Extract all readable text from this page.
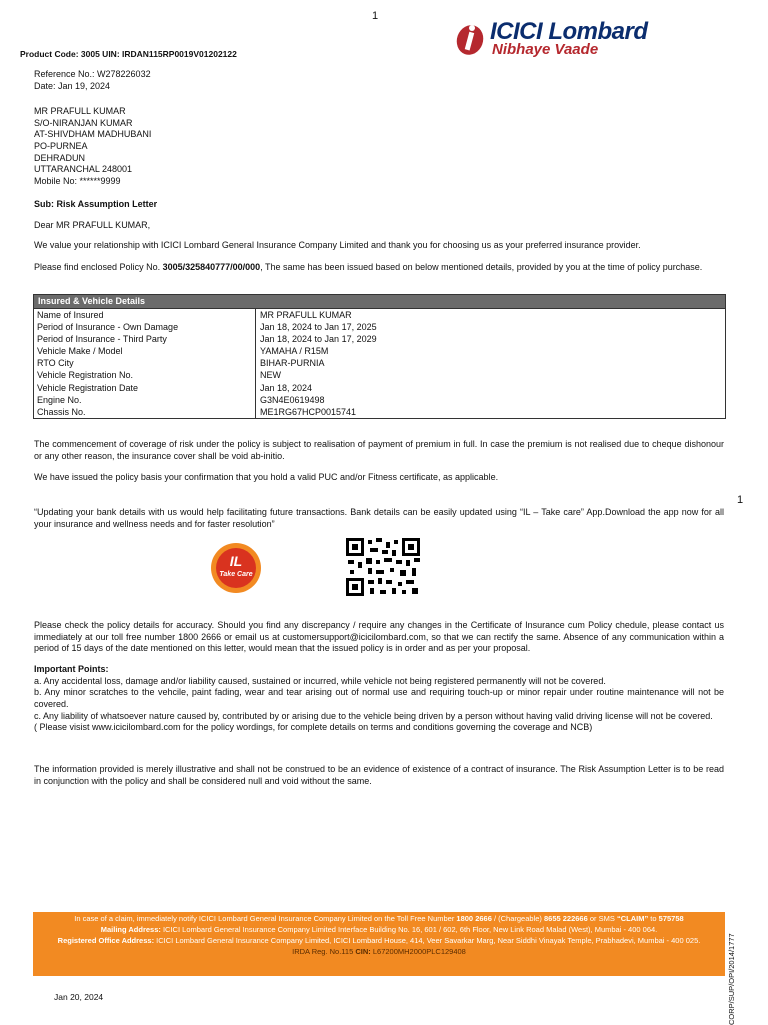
1
1
Product Code: 3005 UIN: IRDAN115RP0019V01202122
ICICI Lombard
Nibhaye Vaade
Reference No.: W278226032
Date: Jan 19, 2024
MR PRAFULL KUMAR
S/O-NIRANJAN KUMAR
AT-SHIVDHAM MADHUBANI
PO-PURNEA
DEHRADUN
UTTARANCHAL 248001
Mobile No: ******9999
Sub: Risk Assumption Letter
Dear MR PRAFULL KUMAR,
We value your relationship with ICICI Lombard General Insurance Company Limited and thank you for choosing us as your preferred insurance provider.
Please find enclosed Policy No. 3005/325840777/00/000, The same has been issued based on below mentioned details, provided by you at the time of policy purchase.
Insured & Vehicle Details
Name of Insured	MR PRAFULL KUMAR
Period of Insurance - Own Damage	Jan 18, 2024 to Jan 17, 2025
Period of Insurance - Third Party	Jan 18, 2024 to Jan 17, 2029
Vehicle Make / Model	YAMAHA / R15M
RTO City	BIHAR-PURNIA
Vehicle Registration No.	NEW
Vehicle Registration Date	Jan 18, 2024
Engine No.	G3N4E0619498
Chassis No.	ME1RG67HCP0015741
The commencement of coverage of risk under the policy is subject to realisation of payment of premium in full. In case the premium is not realised due to cheque dishonour or any other reason, the insurance cover shall be void ab-initio.
We have issued the policy basis your confirmation that you hold a valid PUC and/or Fitness certificate, as applicable.
“Updating your bank details with us would help facilitating future transactions. Bank details can be easily updated using “IL – Take care” App.Download the app now for all your insurance and wellness needs and for faster resolution”
IL
Take Care
Please check the policy details for accuracy. Should you find any discrepancy / require any changes in the Certificate of Insurance cum Policy chedule, please contact us immediately at our toll free number 1800 2666 or email us at customersupport@icicilombard.com, so that we can rectify the same. Absence of any communication within a period of 15 days of the date mentioned on this letter, would mean that the issued policy is in order and as per your proposal.
Important Points:
a. Any accidental loss, damage and/or liability caused, sustained or incurred, while vehicle not being registered permanently will not be covered.
b. Any minor scratches to the vehcile, paint fading, wear and tear arising out of normal use and requiring touch-up or minor repair under routine maintenance will not be covered.
c. Any liability of whatsoever nature caused by, contributed by or arising due to the vehicle being driven by a person without having valid driving license will not be covered.
( Please visist www.icicilombard.com for the policy wordings, for complete details on terms and conditions governing the coverage and NCB)
The information provided is merely illustrative and shall not be construed to be an evidence of existence of a contract of insurance. The Risk Assumption Letter is to be read in conjunction with the policy and shall be considered null and void without the same.
In case of a claim, immediately notify ICICI Lombard General Insurance Company Limited on the Toll Free Number 1800 2666 / (Chargeable) 8655 222666 or SMS “CLAIM” to 575758
Mailing Address: ICICI Lombard General Insurance Company Limited Interface Building No. 16, 601 / 602, 6th Floor, New Link Road Malad (West), Mumbai - 400 064.
Registered Office Address: ICICI Lombard General Insurance Company Limited, ICICI Lombard House, 414, Veer Savarkar Marg, Near Siddhi Vinayak Temple, Prabhadevi, Mumbai - 400 025.
IRDA Reg. No.115 CIN: L67200MH2000PLC129408	CORP/SUP/OPI/2014/1777
Jan 20, 2024
